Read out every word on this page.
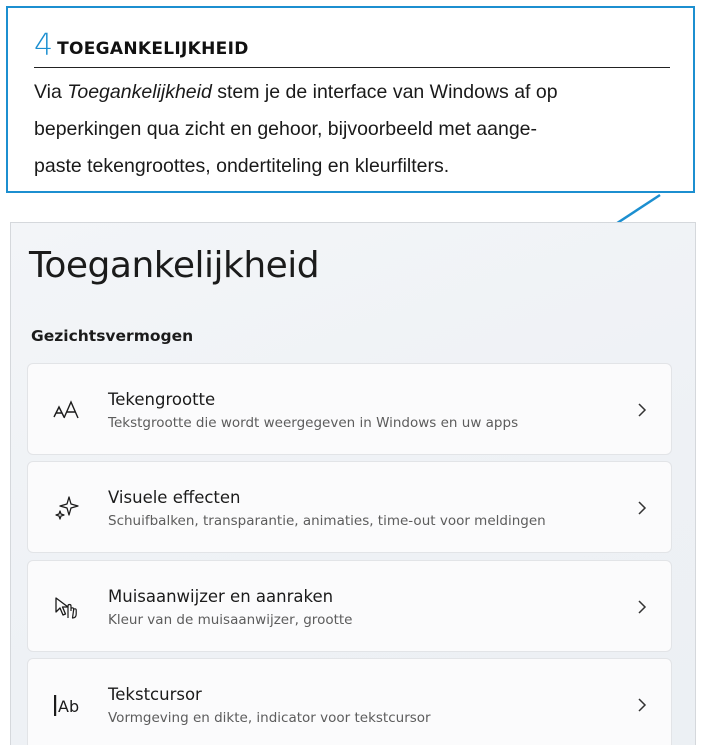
4 TOEGANKELIJKHEID
Via Toegankelijkheid stem je de interface van Windows af op
beperkingen qua zicht en gehoor, bijvoorbeeld met aange-
paste tekengroottes, ondertiteling en kleurfilters.
Toegankelijkheid
Gezichtsvermogen
Tekengrootte
Tekstgrootte die wordt weergegeven in Windows en uw apps
Visuele effecten
Schuifbalken, transparantie, animaties, time-out voor meldingen
Muisaanwijzer en aanraken
Kleur van de muisaanwijzer, grootte
Ab
Tekstcursor
Vormgeving en dikte, indicator voor tekstcursor
